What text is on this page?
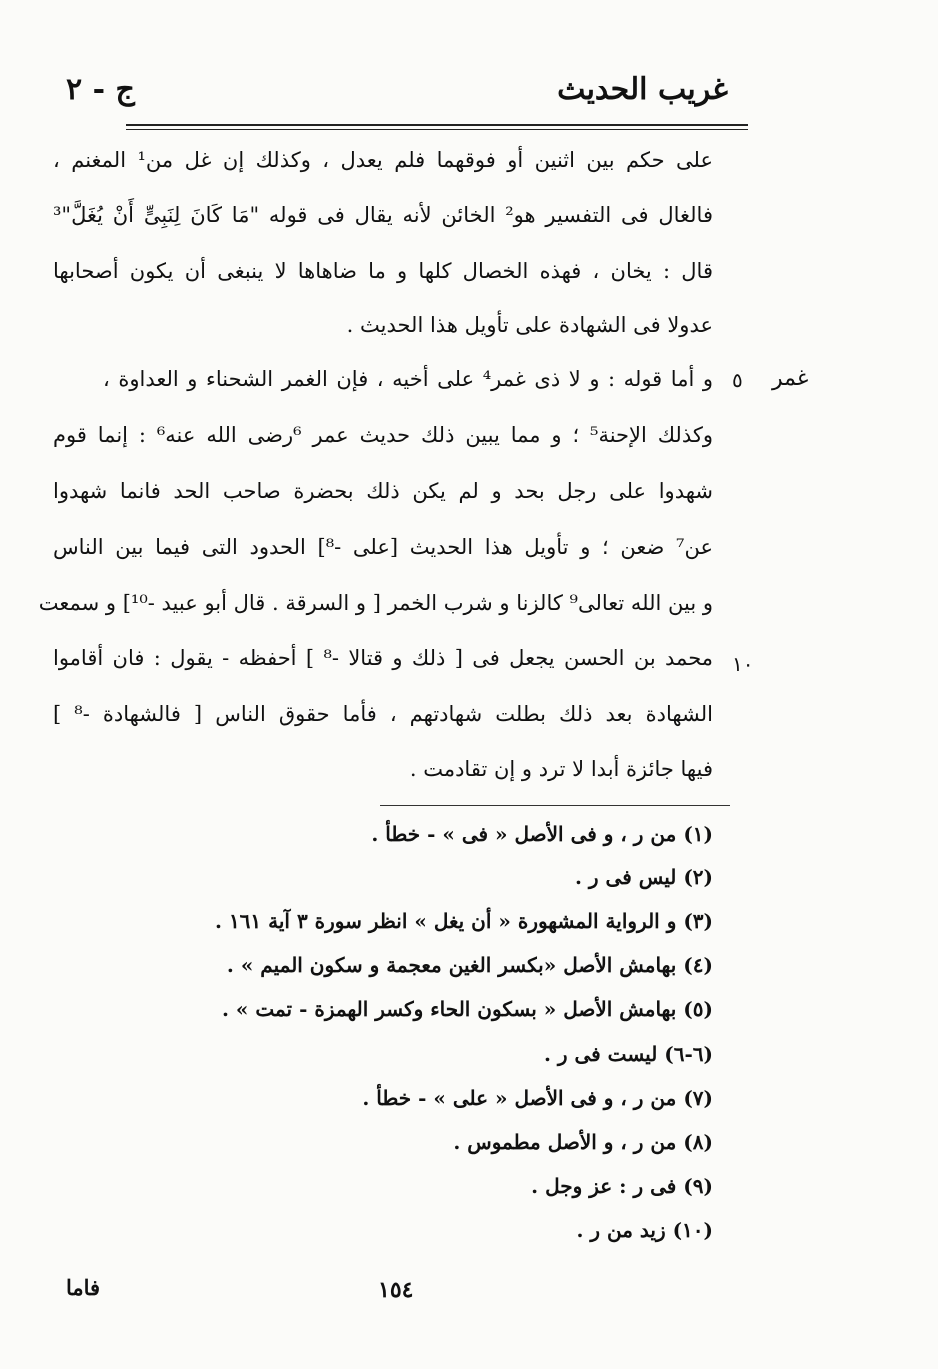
غريب الحديث
ج - ٢
غمر
٥
١٠
على حكم بين اثنين أو فوقهما فلم يعدل ، وكذلك إن غل من¹ المغنم ،
فالغال فى التفسير هو² الخائن لأنه يقال فى قوله "مَا كَانَ لِنَبِىٍّ أَنْ يُغَلَّ"³
قال : يخان ، فهذه الخصال كلها و ما ضاهاها لا ينبغى أن يكون أصحابها
عدولا فى الشهادة على تأويل هذا الحديث .
و أما قوله : و لا ذى غمر⁴ على أخيه ، فإن الغمر الشحناء و العداوة ،
وكذلك الإحنة⁵ ؛ و مما يبين ذلك حديث عمر ⁶رضى الله عنه⁶ : إنما قوم
شهدوا على رجل بحد و لم يكن ذلك بحضرة صاحب الحد فانما شهدوا
عن⁷ ضعن ؛ و تأويل هذا الحديث [على -⁸] الحدود التى فيما بين الناس
و بين الله تعالى⁹ كالزنا و شرب الخمر [ و السرقة . قال أبو عبيد -¹⁰] و سمعت
محمد بن الحسن يجعل فى [ ذلك و قتالا -⁸ ] أحفظه - يقول : فان أقاموا
الشهادة بعد ذلك بطلت شهادتهم ، فأما حقوق الناس [ فالشهادة -⁸ ]
فيها جائزة أبدا لا ترد و إن تقادمت .
(١) من ر ، و فى الأصل « فى » - خطأ .
(٢) ليس فى ر .
(٣) و الرواية المشهورة « أن يغل » انظر سورة ٣ آية ١٦١ .
(٤) بهامش الأصل «بكسر الغين معجمة و سكون الميم » .
(٥) بهامش الأصل « بسكون الحاء وكسر الهمزة - تمت » .
(٦-٦) ليست فى ر .
(٧) من ر ، و فى الأصل « على » - خطأ .
(٨) من ر ، و الأصل مطموس .
(٩) فى ر : عز وجل .
(١٠) زيد من ر .
١٥٤
فاما
